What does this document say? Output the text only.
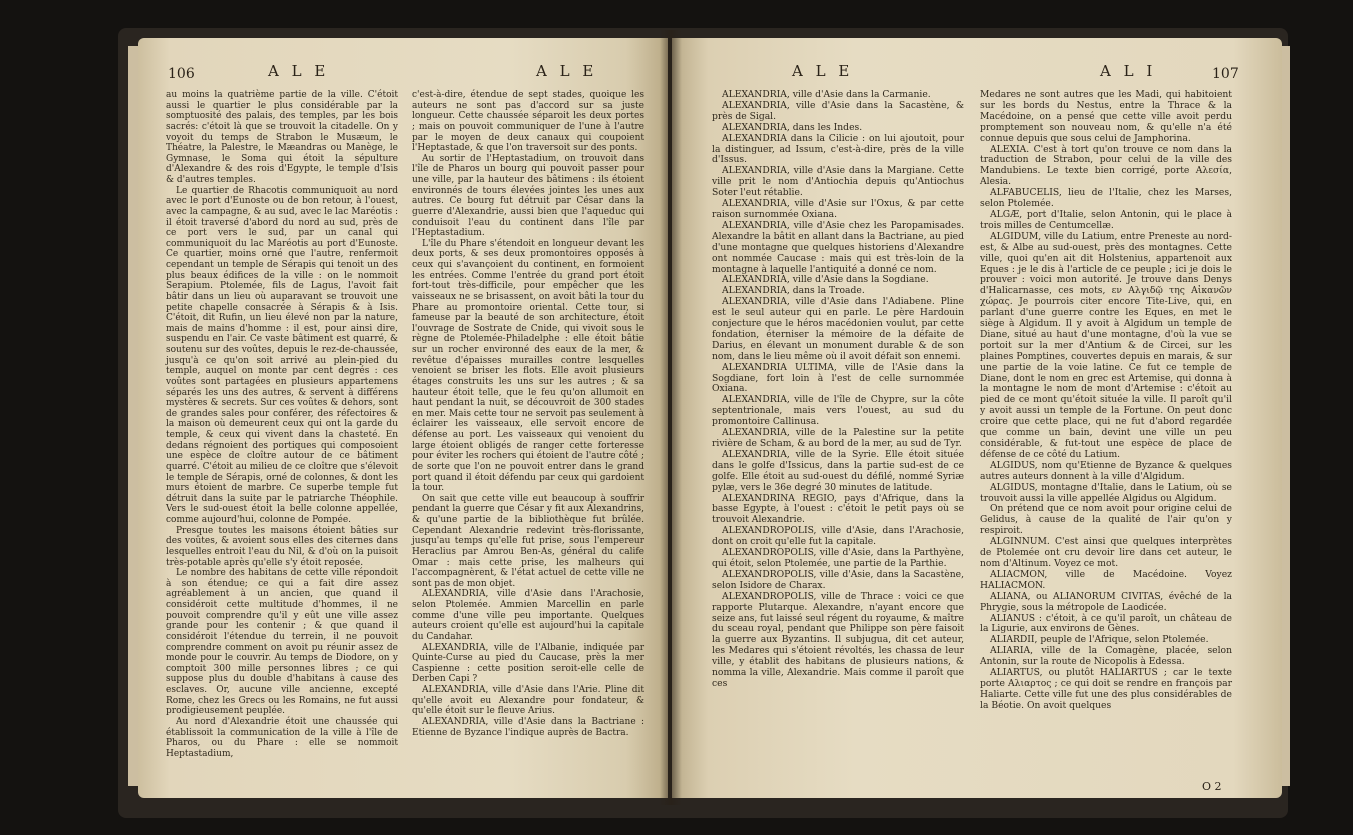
106	A L E	A L E

au moins la quatrième partie de la ville. C'étoit aussi le quartier le plus considérable par la somptuosité des palais, des temples, par les bois sacrés: c'étoit là que se trouvoit la citadelle. On y voyoit du temps de Strabon le Musæum, le Théatre, la Palestre, le Mæandras ou Manège, le Gymnase, le Soma qui étoit la sépulture d'Alexandre & des rois d'Egypte, le temple d'Isis & d'autres temples.

Le quartier de Rhacotis communiquoit au nord avec le port d'Eunoste ou de bon retour, à l'ouest, avec la campagne, & au sud, avec le lac Maréotis : il étoit traversé d'abord du nord au sud, près de ce port vers le sud, par un canal qui communiquoit du lac Maréotis au port d'Eunoste. Ce quartier, moins orné que l'autre, renfermoit cependant un temple de Sérapis qui tenoit un des plus beaux édifices de la ville : on le nommoit Serapium. Ptolemée, fils de Lagus, l'avoit fait bâtir dans un lieu où auparavant se trouvoit une petite chapelle consacrée à Sérapis & à Isis. C'étoit, dit Rufin, un lieu élevé non par la nature, mais de mains d'homme : il est, pour ainsi dire, suspendu en l'air. Ce vaste bâtiment est quarré, & soutenu sur des voûtes, depuis le rez-de-chaussée, jusqu'à ce qu'on soit arrivé au plein-pied du temple, auquel on monte par cent degrés : ces voûtes sont partagées en plusieurs appartemens séparés les uns des autres, & servent à différens mystères & secrets. Sur ces voûtes & dehors, sont de grandes sales pour conférer, des réfectoires & la maison où demeurent ceux qui ont la garde du temple, & ceux qui vivent dans la chasteté. En dedans régnoient des portiques qui composoient une espèce de cloître autour de ce bâtiment quarré. C'étoit au milieu de ce cloître que s'élevoit le temple de Sérapis, orné de colonnes, & dont les murs étoient de marbre. Ce superbe temple fut détruit dans la suite par le patriarche Théophile. Vers le sud-ouest étoit la belle colonne appellée, comme aujourd'hui, colonne de Pompée.

Presque toutes les maisons étoient bâties sur des voûtes, & avoient sous elles des citernes dans lesquelles entroit l'eau du Nil, & d'où on la puisoit très-potable après qu'elle s'y étoit reposée.

Le nombre des habitans de cette ville répondoit à son étendue; ce qui a fait dire assez agréablement à un ancien, que quand il considéroit cette multitude d'hommes, il ne pouvoit comprendre qu'il y eût une ville assez grande pour les contenir ; & que quand il considéroit l'étendue du terrein, il ne pouvoit comprendre comment on avoit pu réunir assez de monde pour le couvrir. Au temps de Diodore, on y comptoit 300 mille personnes libres ; ce qui suppose plus du double d'habitans à cause des esclaves. Or, aucune ville ancienne, excepté Rome, chez les Grecs ou les Romains, ne fut aussi prodigieusement peuplée.

Au nord d'Alexandrie étoit une chaussée qui établissoit la communication de la ville à l'île de Pharos, ou du Phare : elle se nommoit Heptastadium,

c'est-à-dire, étendue de sept stades, quoique les auteurs ne sont pas d'accord sur sa juste longueur. Cette chaussée séparoit les deux portes ; mais on pouvoit communiquer de l'une à l'autre par le moyen de deux canaux qui coupoient l'Heptastade, & que l'on traversoit sur des ponts.

Au sortir de l'Heptastadium, on trouvoit dans l'île de Pharos un bourg qui pouvoit passer pour une ville, par la hauteur des bâtimens : ils étoient environnés de tours élevées jointes les unes aux autres. Ce bourg fut détruit par César dans la guerre d'Alexandrie, aussi bien que l'aqueduc qui conduisoit l'eau du continent dans l'île par l'Heptastadium.

L'île du Phare s'étendoit en longueur devant les deux ports, & ses deux promontoires opposés à ceux qui s'avançoient du continent, en formoient les entrées. Comme l'entrée du grand port étoit fort-tout très-difficile, pour empêcher que les vaisseaux ne se brisassent, on avoit bâti la tour du Phare au promontoire oriental. Cette tour, si fameuse par la beauté de son architecture, étoit l'ouvrage de Sostrate de Cnide, qui vivoit sous le règne de Ptolemée-Philadelphe : elle étoit bâtie sur un rocher environné des eaux de la mer, & revêtue d'épaisses murailles contre lesquelles venoient se briser les flots. Elle avoit plusieurs étages construits les uns sur les autres ; & sa hauteur étoit telle, que le feu qu'on allumoit en haut pendant la nuit, se découvroit de 300 stades en mer. Mais cette tour ne servoit pas seulement à éclairer les vaisseaux, elle servoit encore de défense au port. Les vaisseaux qui venoient du large étoient obligés de ranger cette forteresse pour éviter les rochers qui étoient de l'autre côté ; de sorte que l'on ne pouvoit entrer dans le grand port quand il étoit défendu par ceux qui gardoient la tour.

On sait que cette ville eut beaucoup à souffrir pendant la guerre que César y fit aux Alexandrins, & qu'une partie de la bibliothèque fut brûlée. Cependant Alexandrie redevint très-florissante, jusqu'au temps qu'elle fut prise, sous l'empereur Heraclius par Amrou Ben-As, général du calife Omar : mais cette prise, les malheurs qui l'accompagnèrent, & l'état actuel de cette ville ne sont pas de mon objet.

ALEXANDRIA, ville d'Asie dans l'Arachosie, selon Ptolemée. Ammien Marcellin en parle comme d'une ville peu importante. Quelques auteurs croient qu'elle est aujourd'hui la capitale du Candahar.

ALEXANDRIA, ville de l'Albanie, indiquée par Quinte-Curse au pied du Caucase, près la mer Caspienne : cette position seroit-elle celle de Derben Capi ?

ALEXANDRIA, ville d'Asie dans l'Arie. Pline dit qu'elle avoit eu Alexandre pour fondateur, & qu'elle étoit sur le fleuve Arius.

ALEXANDRIA, ville d'Asie dans la Bactriane : Etienne de Byzance l'indique auprès de Bactra.

A L E	A L I	107

ALEXANDRIA, ville d'Asie dans la Carmanie.

ALEXANDRIA, ville d'Asie dans la Sacastène, & près de Sigal.

ALEXANDRIA, dans les Indes.

ALEXANDRIA dans la Cilicie : on lui ajoutoit, pour la distinguer, ad Issum, c'est-à-dire, près de la ville d'Issus.

ALEXANDRIA, ville d'Asie dans la Margiane. Cette ville prit le nom d'Antiochia depuis qu'Antiochus Soter l'eut rétablie.

ALEXANDRIA, ville d'Asie sur l'Oxus, & par cette raison surnommée Oxiana.

ALEXANDRIA, ville d'Asie chez les Paropamisades. Alexandre la bâtit en allant dans la Bactriane, au pied d'une montagne que quelques historiens d'Alexandre ont nommée Caucase : mais qui est très-loin de la montagne à laquelle l'antiquité a donné ce nom.

ALEXANDRIA, ville d'Asie dans la Sogdiane.

ALEXANDRIA, dans la Troade.

ALEXANDRIA, ville d'Asie dans l'Adiabene. Pline est le seul auteur qui en parle. Le père Hardouin conjecture que le héros macédonien voulut, par cette fondation, éterniser la mémoire de la défaite de Darius, en élevant un monument durable & de son nom, dans le lieu même où il avoit défait son ennemi.

ALEXANDRIA ULTIMA, ville de l'Asie dans la Sogdiane, fort loin à l'est de celle surnommée Oxiana.

ALEXANDRIA, ville de l'île de Chypre, sur la côte septentrionale, mais vers l'ouest, au sud du promontoire Callinusa.

ALEXANDRIA, ville de la Palestine sur la petite rivière de Scham, & au bord de la mer, au sud de Tyr.

ALEXANDRIA, ville de la Syrie. Elle étoit située dans le golfe d'Issicus, dans la partie sud-est de ce golfe. Elle étoit au sud-ouest du défilé, nommé Syriæ pylæ, vers le 36e degré 30 minutes de latitude.

ALEXANDRINA REGIO, pays d'Afrique, dans la basse Egypte, à l'ouest : c'étoit le petit pays où se trouvoit Alexandrie.

ALEXANDROPOLIS, ville d'Asie, dans l'Arachosie, dont on croit qu'elle fut la capitale.

ALEXANDROPOLIS, ville d'Asie, dans la Parthyène, qui étoit, selon Ptolemée, une partie de la Parthie.

ALEXANDROPOLIS, ville d'Asie, dans la Sacastène, selon Isidore de Charax.

ALEXANDROPOLIS, ville de Thrace : voici ce que rapporte Plutarque. Alexandre, n'ayant encore que seize ans, fut laissé seul régent du royaume, & maître du sceau royal, pendant que Philippe son père faisoit la guerre aux Byzantins. Il subjugua, dit cet auteur, les Medares qui s'étoient révoltés, les chassa de leur ville, y établit des habitans de plusieurs nations, & nomma la ville, Alexandrie. Mais comme il paroît que ces

Medares ne sont autres que les Madi, qui habitoient sur les bords du Nestus, entre la Thrace & la Macédoine, on a pensé que cette ville avoit perdu promptement son nouveau nom, & qu'elle n'a été connue depuis que sous celui de Jamphorina.

ALEXIA. C'est à tort qu'on trouve ce nom dans la traduction de Strabon, pour celui de la ville des Mandubiens. Le texte bien corrigé, porte Αλεσία, Alesia.

ALFABUCELIS, lieu de l'Italie, chez les Marses, selon Ptolemée.

ALGÆ, port d'Italie, selon Antonin, qui le place à trois milles de Centumcellæ.

ALGIDUM, ville du Latium, entre Preneste au nord-est, & Albe au sud-ouest, près des montagnes. Cette ville, quoi qu'en ait dit Holstenius, appartenoit aux Eques : je le dis à l'article de ce peuple ; ici je dois le prouver : voici mon autorité. Je trouve dans Denys d'Halicarnasse, ces mots, εν Αλγιδῷ της Αἰκανῶν χώρας. Je pourrois citer encore Tite-Live, qui, en parlant d'une guerre contre les Eques, en met le siège à Algidum. Il y avoit à Algidum un temple de Diane, situé au haut d'une montagne, d'où la vue se portoit sur la mer d'Antium & de Circei, sur les plaines Pomptines, couvertes depuis en marais, & sur une partie de la voie latine. Ce fut ce temple de Diane, dont le nom en grec est Artemise, qui donna à la montagne le nom de mont d'Artemise : c'étoit au pied de ce mont qu'étoit située la ville. Il paroît qu'il y avoit aussi un temple de la Fortune. On peut donc croire que cette place, qui ne fut d'abord regardée que comme un bain, devint une ville un peu considérable, & fut-tout une espèce de place de défense de ce côté du Latium.

ALGIDUS, nom qu'Etienne de Byzance & quelques autres auteurs donnent à la ville d'Algidum.

ALGIDUS, montagne d'Italie, dans le Latium, où se trouvoit aussi la ville appellée Algidus ou Algidum.

On prétend que ce nom avoit pour origine celui de Gelidus, à cause de la qualité de l'air qu'on y respiroit.

ALGINNUM. C'est ainsi que quelques interprètes de Ptolemée ont cru devoir lire dans cet auteur, le nom d'Altinum. Voyez ce mot.

ALIACMON, ville de Macédoine. Voyez HALIACMON.

ALIANA, ou ALIANORUM CIVITAS, évêché de la Phrygie, sous la métropole de Laodicée.

ALIANUS : c'étoit, à ce qu'il paroît, un château de la Ligurie, aux environs de Gènes.

ALIARDII, peuple de l'Afrique, selon Ptolemée.

ALIARIA, ville de la Comagène, placée, selon Antonin, sur la route de Nicopolis à Edessa.

ALIARTUS, ou plutôt HALIARTUS ; car le texte porte Αλιαρτος ; ce qui doit se rendre en françois par Haliarte. Cette ville fut une des plus considérables de la Béotie. On avoit quelques

O 2
